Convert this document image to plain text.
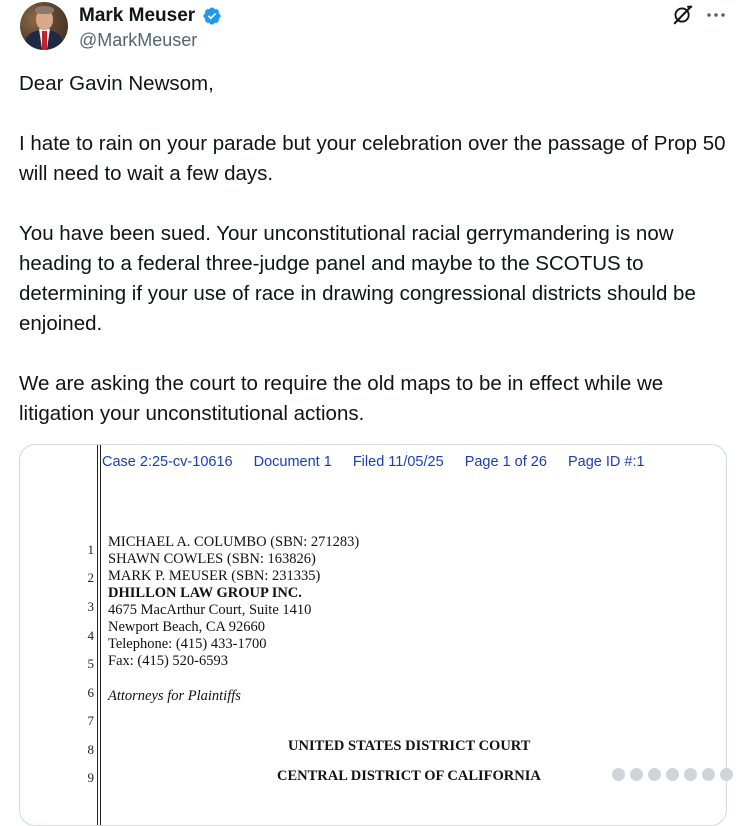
Mark Meuser
@MarkMeuser

Dear Gavin Newsom,

I hate to rain on your parade but your celebration over the passage of Prop 50 will need to wait a few days.

You have been sued. Your unconstitutional racial gerrymandering is now heading to a federal three-judge panel and maybe to the SCOTUS to determining if your use of race in drawing congressional districts should be enjoined.

We are asking the court to require the old maps to be in effect while we litigation your unconstitutional actions.

Case 2:25-cv-10616 Document 1 Filed 11/05/25 Page 1 of 26 Page ID #:1
1
2
3
4
5
6
7
8
9
MICHAEL A. COLUMBO (SBN: 271283)
SHAWN COWLES (SBN: 163826)
MARK P. MEUSER (SBN: 231335)
DHILLON LAW GROUP INC.
4675 MacArthur Court, Suite 1410
Newport Beach, CA 92660
Telephone: (415) 433-1700
Fax: (415) 520-6593
Attorneys for Plaintiffs
UNITED STATES DISTRICT COURT
CENTRAL DISTRICT OF CALIFORNIA
